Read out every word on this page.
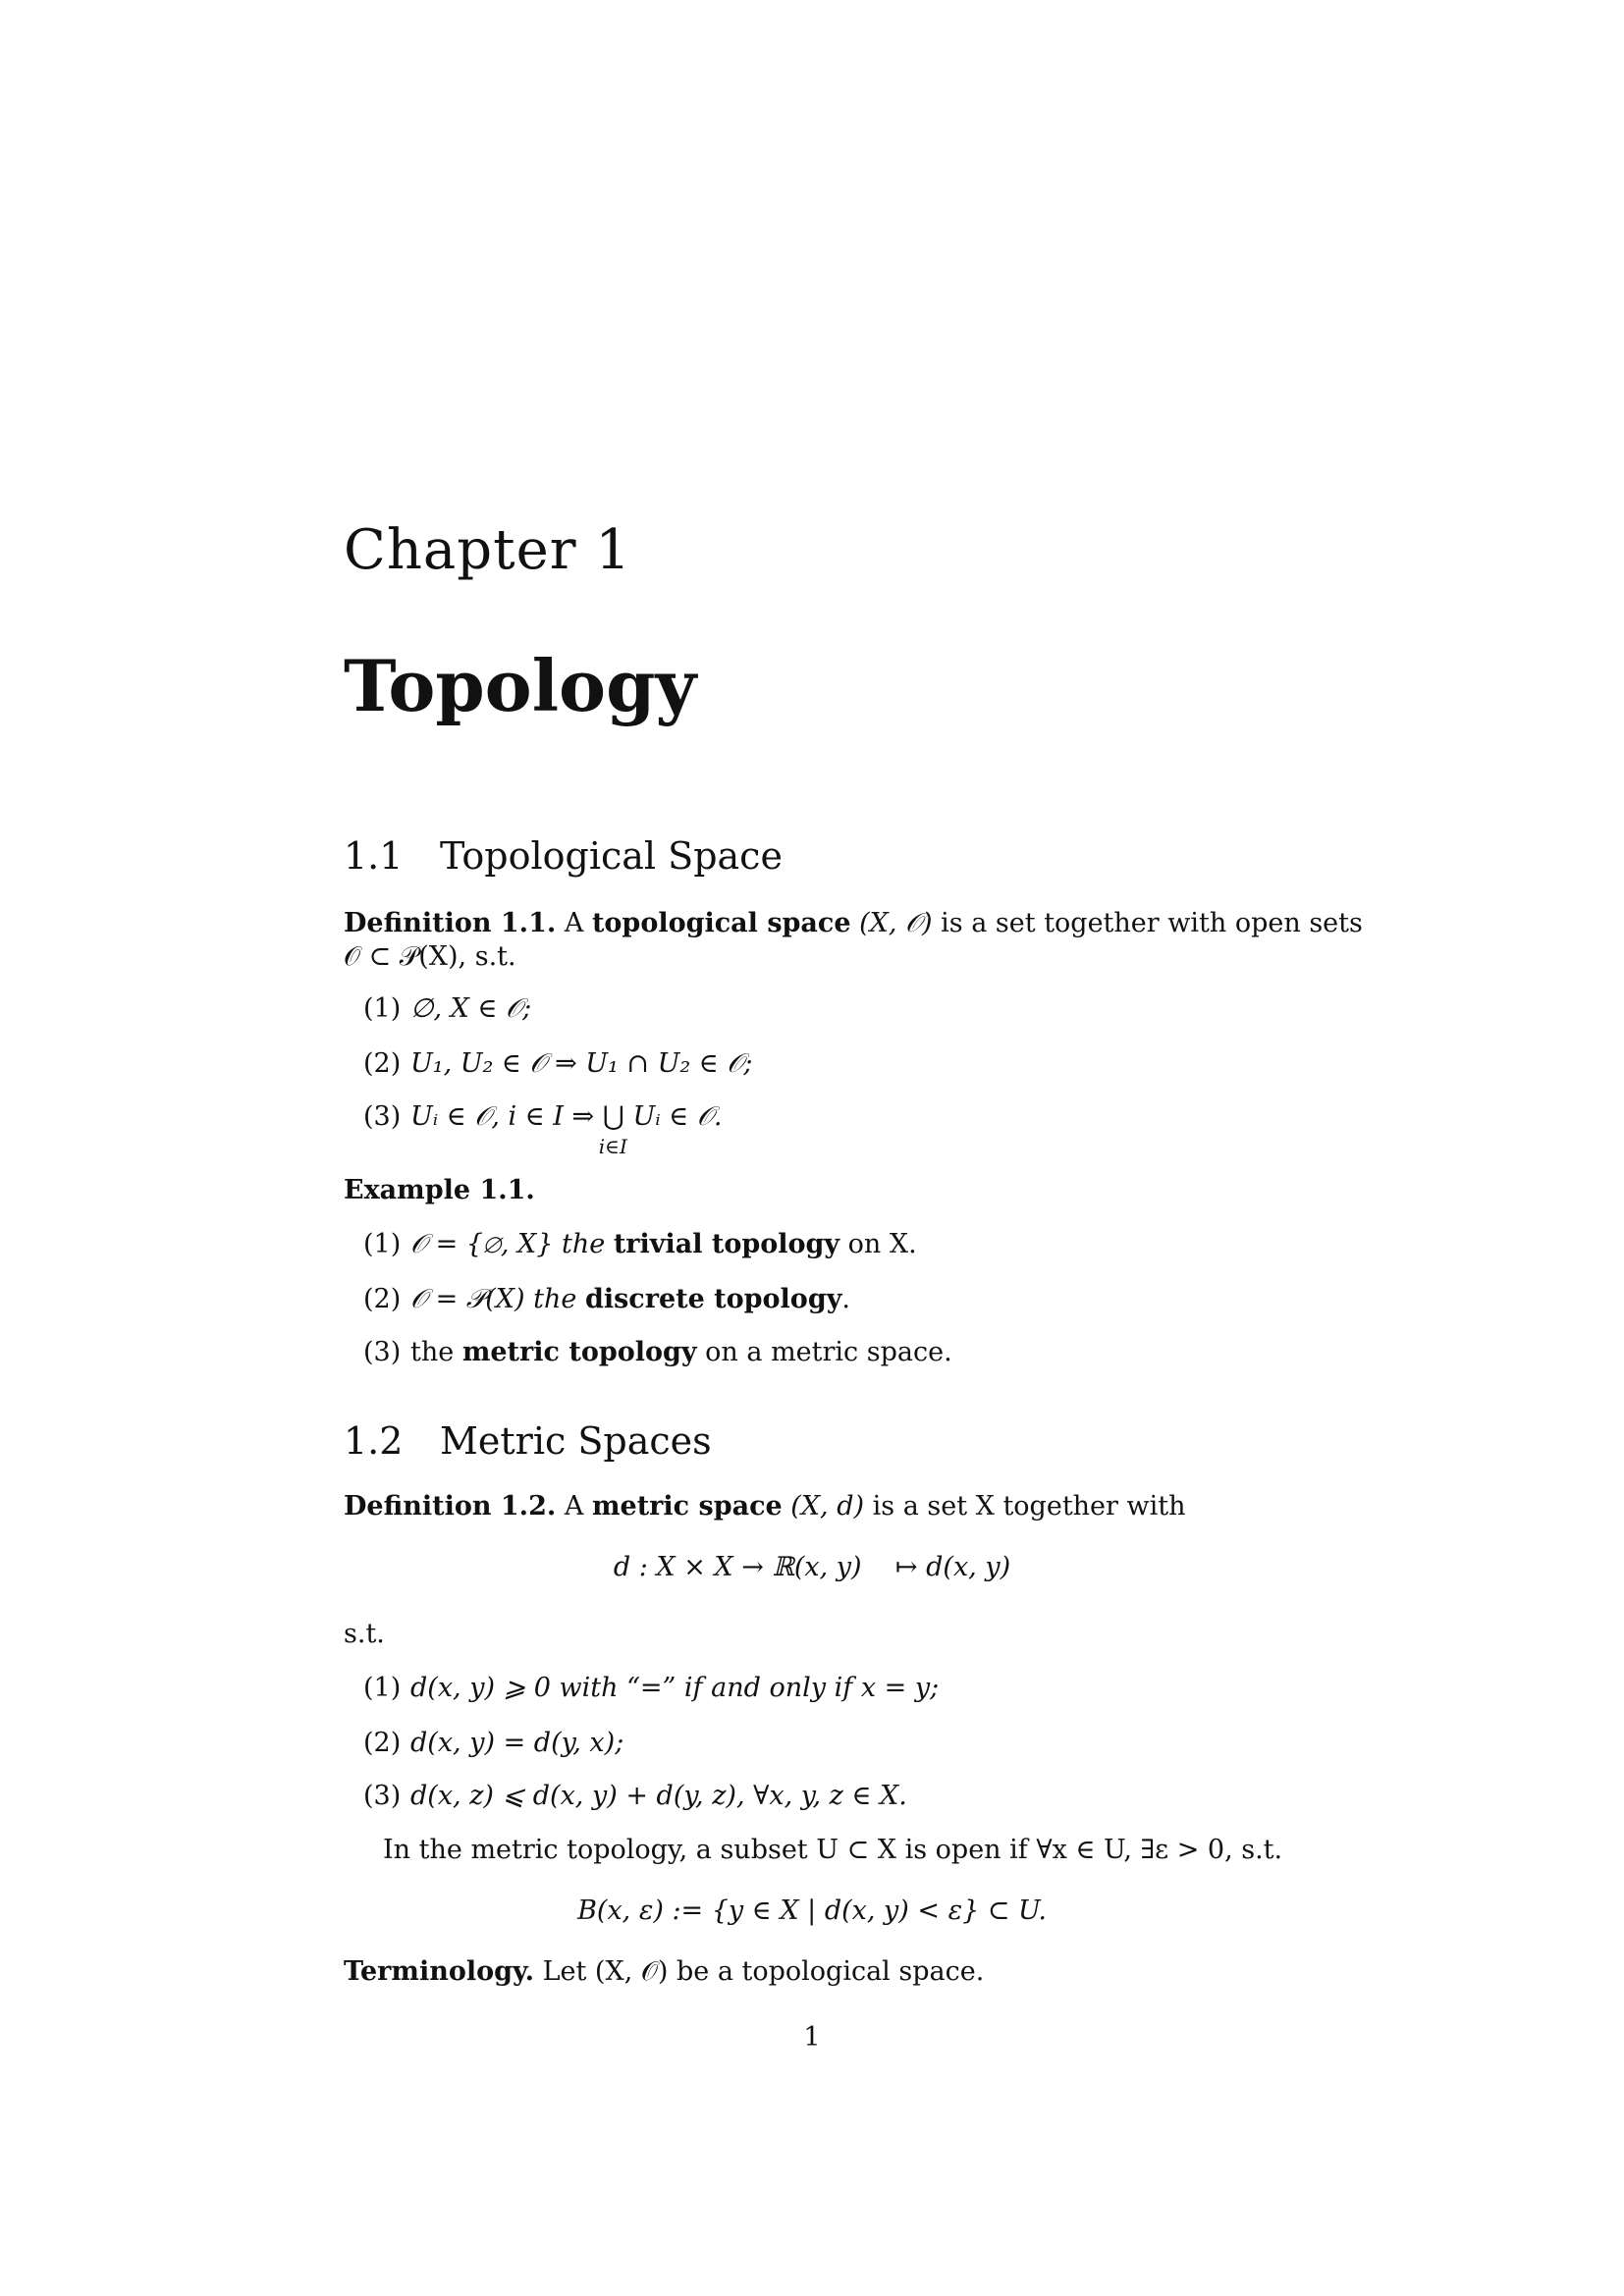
Chapter 1
Topology
1.1 Topological Space
Definition 1.1. A topological space (X, 𝒪) is a set together with open sets
𝒪 ⊂ 𝒫(X), s.t.
(1) ∅, X ∈ 𝒪;
(2) U₁, U₂ ∈ 𝒪 ⇒ U₁ ∩ U₂ ∈ 𝒪;
(3) Uᵢ ∈ 𝒪, i ∈ I ⇒ ⋃
i∈I
Uᵢ ∈ 𝒪.
Example 1.1.
(1) 𝒪 = {∅, X} the trivial topology on X.
(2) 𝒪 = 𝒫(X) the discrete topology.
(3) the metric topology on a metric space.
1.2 Metric Spaces
Definition 1.2. A metric space (X, d) is a set X together with
d : X × X → ℝ(x, y)    ↦ d(x, y)
s.t.
(1) d(x, y) ⩾ 0 with “=” if and only if x = y;
(2) d(x, y) = d(y, x);
(3) d(x, z) ⩽ d(x, y) + d(y, z), ∀x, y, z ∈ X.
In the metric topology, a subset U ⊂ X is open if ∀x ∈ U, ∃ε > 0, s.t.
B(x, ε) := {y ∈ X | d(x, y) < ε} ⊂ U.
Terminology. Let (X, 𝒪) be a topological space.
1
